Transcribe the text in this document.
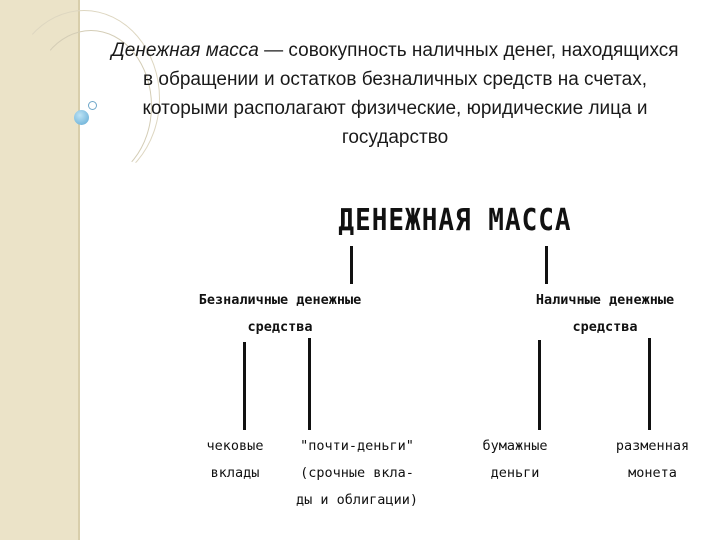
Денежная масса — совокупность наличных денег, находящихся в обращении и остатков безналичных средств на счетах, которыми располагают физические, юридические лица и государство
ДЕНЕЖНАЯ МАССА
Безналичные денежные
средства
Наличные денежные
средства
чековые
вклады
"почти-деньги"
(срочные вкла-
ды и облигации)
бумажные
деньги
разменная
монета
